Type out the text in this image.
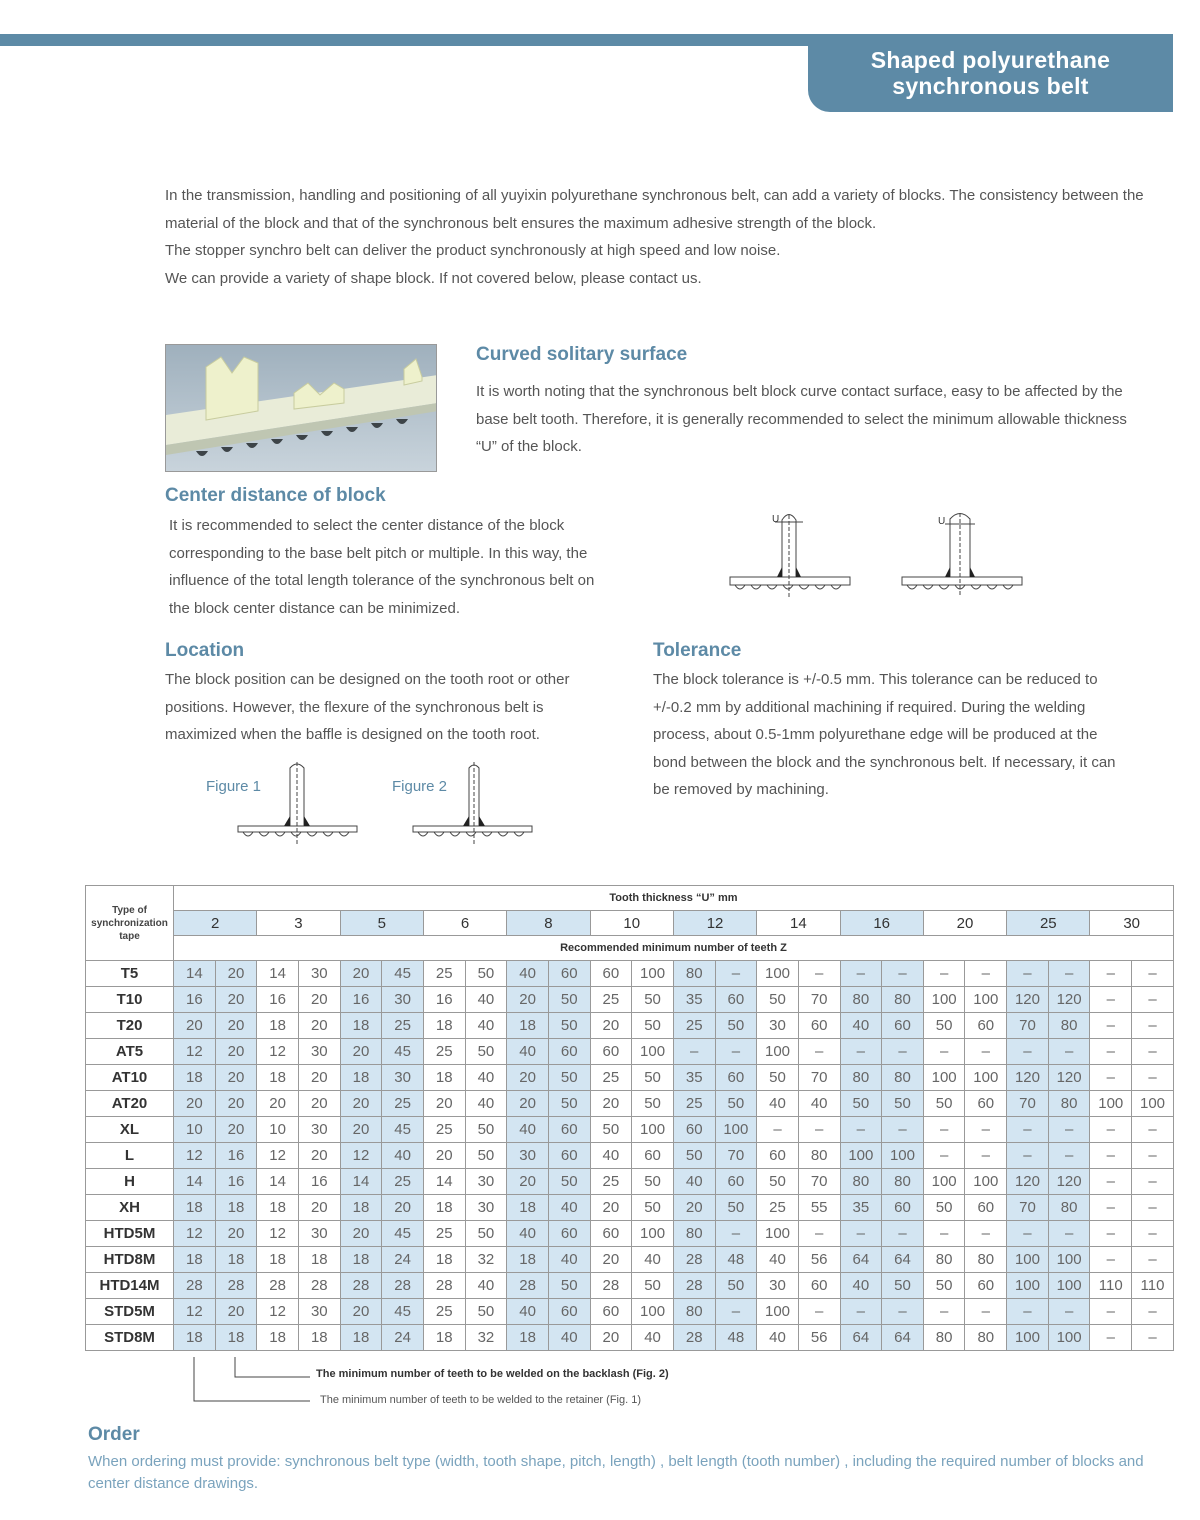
Shaped polyurethane
synchronous belt

In the transmission, handling and positioning of all yuyixin polyurethane synchronous belt, can add a variety of blocks. The consistency between the material of the block and that of the synchronous belt ensures the maximum adhesive strength of the block.

The stopper synchro belt can deliver the product synchronously at high speed and low noise.

We can provide a variety of shape block. If not covered below, please contact us.

Curved solitary surface
It is worth noting that the synchronous belt block curve contact surface, easy to be affected by the base belt tooth. Therefore, it is generally recommended to select the minimum allowable thickness “U” of the block.
Center distance of block
It is recommended to select the center distance of the block corresponding to the base belt pitch or multiple. In this way, the influence of the total length tolerance of the synchronous belt on the block center distance can be minimized.
U	U
Location
The block position can be designed on the tooth root or other positions. However, the flexure of the synchronous belt is maximized when the baffle is designed on the tooth root.
Tolerance
The block tolerance is +/-0.5 mm. This tolerance can be reduced to +/-0.2 mm by additional machining if required. During the welding process, about 0.5-1mm polyurethane edge will be produced at the bond between the block and the synchronous belt. If necessary, it can be removed by machining.
Figure 1	Figure 2
Type of synchronization tape	Tooth thickness “U” mm																							
	2		3		5		6		8		10		12		14		16		20		25		30	
	Recommended minimum number of teeth Z																							
T5	14	20	14	30	20	45	25	50	40	60	60	100	80	–	100	–	–	–	–	–	–	–	–	–
T10	16	20	16	20	16	30	16	40	20	50	25	50	35	60	50	70	80	80	100	100	120	120	–	–
T20	20	20	18	20	18	25	18	40	18	50	20	50	25	50	30	60	40	60	50	60	70	80	–	–
AT5	12	20	12	30	20	45	25	50	40	60	60	100	–	–	100	–	–	–	–	–	–	–	–	–
AT10	18	20	18	20	18	30	18	40	20	50	25	50	35	60	50	70	80	80	100	100	120	120	–	–
AT20	20	20	20	20	20	25	20	40	20	50	20	50	25	50	40	40	50	50	50	60	70	80	100	100
XL	10	20	10	30	20	45	25	50	40	60	50	100	60	100	–	–	–	–	–	–	–	–	–	–
L	12	16	12	20	12	40	20	50	30	60	40	60	50	70	60	80	100	100	–	–	–	–	–	–
H	14	16	14	16	14	25	14	30	20	50	25	50	40	60	50	70	80	80	100	100	120	120	–	–
XH	18	18	18	20	18	20	18	30	18	40	20	50	20	50	25	55	35	60	50	60	70	80	–	–
HTD5M	12	20	12	30	20	45	25	50	40	60	60	100	80	–	100	–	–	–	–	–	–	–	–	–
HTD8M	18	18	18	18	18	24	18	32	18	40	20	40	28	48	40	56	64	64	80	80	100	100	–	–
HTD14M	28	28	28	28	28	28	28	40	28	50	28	50	28	50	30	60	40	50	50	60	100	100	110	110
STD5M	12	20	12	30	20	45	25	50	40	60	60	100	80	–	100	–	–	–	–	–	–	–	–	–
STD8M	18	18	18	18	18	24	18	32	18	40	20	40	28	48	40	56	64	64	80	80	100	100	–	–
The minimum number of teeth to be welded on the backlash (Fig. 2)
The minimum number of teeth to be welded to the retainer (Fig. 1)
Order
When ordering must provide: synchronous belt type (width, tooth shape, pitch, length) , belt length (tooth number) , including the required number of blocks and center distance drawings.
